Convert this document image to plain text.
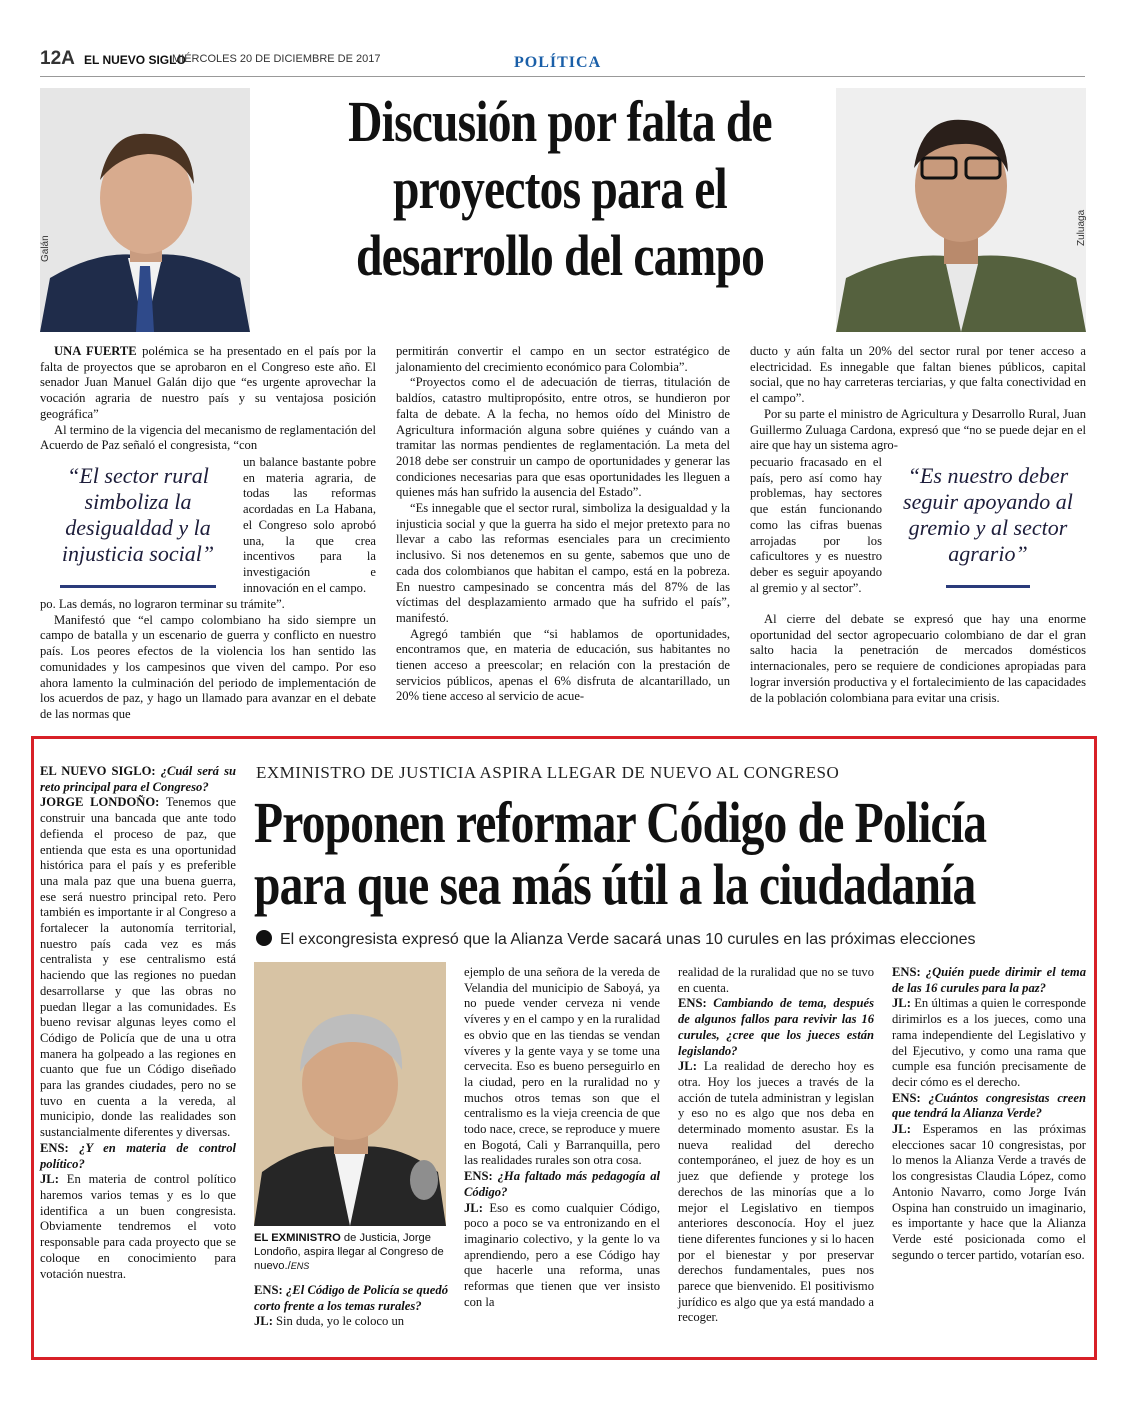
12A EL NUEVO SIGLO
MIÉRCOLES 20 DE DICIEMBRE DE 2017	POLÍTICA
Galán
Discusión por falta de
proyectos para el
desarrollo del campo	Zuluaga

UNA FUERTE polémica se ha presentado en el país por la falta de proyectos que se aprobaron en el Congreso este año. El senador Juan Manuel Galán dijo que “es urgente aprovechar la vocación agraria de nuestro país y su ventajosa posición geográfica”

Al termino de la vigencia del mecanismo de reglamentación del Acuerdo de Paz señaló el congresista, “con

“El sector rural simboliza la desigualdad y la injusticia social”

un balance bastante pobre en materia agraria, de todas las reformas acordadas en La Habana, el Congreso solo aprobó una, la que crea incentivos para la investigación e innovación en el campo.

po. Las demás, no lograron terminar su trámite”.

Manifestó que “el campo colombiano ha sido siempre un campo de batalla y un escenario de guerra y conflicto en nuestro país. Los peores efectos de la violencia los han sentido las comunidades y los campesinos que viven del campo. Por eso ahora lamento la culminación del periodo de implementación de los acuerdos de paz, y hago un llamado para avanzar en el debate de las normas que

permitirán convertir el campo en un sector estratégico de jalonamiento del crecimiento económico para Colombia”.

“Proyectos como el de adecuación de tierras, titulación de baldíos, catastro multipropósito, entre otros, se hundieron por falta de debate. A la fecha, no hemos oído del Ministro de Agricultura información alguna sobre quiénes y cuándo van a tramitar las normas pendientes de reglamentación. La meta del 2018 debe ser construir un campo de oportunidades y generar las condiciones necesarias para que esas oportunidades les lleguen a quienes más han sufrido la ausencia del Estado”.

“Es innegable que el sector rural, simboliza la desigualdad y la injusticia social y que la guerra ha sido el mejor pretexto para no llevar a cabo las reformas esenciales para un crecimiento inclusivo. Si nos detenemos en su gente, sabemos que uno de cada dos colombianos que habitan el campo, está en la pobreza. En nuestro campesinado se concentra más del 87% de las víctimas del desplazamiento armado que ha sufrido el país”, manifestó.

Agregó también que “si hablamos de oportunidades, encontramos que, en materia de educación, sus habitantes no tienen acceso a preescolar; en relación con la prestación de servicios públicos, apenas el 6% disfruta de alcantarillado, un 20% tiene acceso al servicio de acue-

ducto y aún falta un 20% del sector rural por tener acceso a electricidad. Es innegable que faltan bienes públicos, capital social, que no hay carreteras terciarias, y que falta conectividad en el campo”.

Por su parte el ministro de Agricultura y Desarrollo Rural, Juan Guillermo Zuluaga Cardona, expresó que “no se puede dejar en el aire que hay un sistema agro-

pecuario fracasado en el país, pero así como hay problemas, hay sectores que están funcionando como las cifras buenas arrojadas por los caficultores y es nuestro deber es seguir apoyando al gremio y al sector”.

“Es nuestro deber seguir apoyando al gremio y al sector agrario”

Al cierre del debate se expresó que hay una enorme oportunidad del sector agropecuario colombiano de dar el gran salto hacia la penetración de mercados domésticos internacionales, pero se requiere de condiciones apropiadas para lograr inversión productiva y el fortalecimiento de las capacidades de la población colombiana para evitar una crisis.

EXMINISTRO DE JUSTICIA ASPIRA LLEGAR DE NUEVO AL CONGRESO
Proponen reformar Código de Policía
para que sea más útil a la ciudadanía
El excongresista expresó que la Alianza Verde sacará unas 10 curules en las próximas elecciones

EL NUEVO SIGLO: ¿Cuál será su reto principal para el Congreso?

JORGE LONDOÑO: Tenemos que construir una bancada que ante todo defienda el proceso de paz, que entienda que esta es una oportunidad histórica para el país y es preferible una mala paz que una buena guerra, ese será nuestro principal reto. Pero también es importante ir al Congreso a fortalecer la autonomía territorial, nuestro país cada vez es más centralista y ese centralismo está haciendo que las regiones no puedan desarrollarse y que las obras no puedan llegar a las comunidades. Es bueno revisar algunas leyes como el Código de Policía que de una u otra manera ha golpeado a las regiones en cuanto que fue un Código diseñado para las grandes ciudades, pero no se tuvo en cuenta a la vereda, al municipio, donde las realidades son sustancialmente diferentes y diversas.

ENS: ¿Y en materia de control político?

JL: En materia de control político haremos varios temas y es lo que identifica a un buen congresista. Obviamente tendremos el voto responsable para cada proyecto que se coloque en conocimiento para votación nuestra.

EL EXMINISTRO de Justicia, Jorge Londoño, aspira llegar al Congreso de nuevo./ENS

ENS: ¿El Código de Policía se quedó corto frente a los temas rurales?

JL: Sin duda, yo le coloco un

ejemplo de una señora de la vereda de Velandia del municipio de Saboyá, ya no puede vender cerveza ni vende víveres y en el campo y en la ruralidad es obvio que en las tiendas se vendan víveres y la gente vaya y se tome una cervecita. Eso es bueno perseguirlo en la ciudad, pero en la ruralidad no y muchos otros temas son que el centralismo es la vieja creencia de que todo nace, crece, se reproduce y muere en Bogotá, Cali y Barranquilla, pero las realidades rurales son otra cosa.

ENS: ¿Ha faltado más pedagogía al Código?

JL: Eso es como cualquier Código, poco a poco se va entronizando en el imaginario colectivo, y la gente lo va aprendiendo, pero a ese Código hay que hacerle una reforma, unas reformas que tienen que ver insisto con la

realidad de la ruralidad que no se tuvo en cuenta.

ENS: Cambiando de tema, después de algunos fallos para revivir las 16 curules, ¿cree que los jueces están legislando?

JL: La realidad de derecho hoy es otra. Hoy los jueces a través de la acción de tutela administran y legislan y eso no es algo que nos deba en determinado momento asustar. Es la nueva realidad del derecho contemporáneo, el juez de hoy es un juez que defiende y protege los derechos de las minorías que a lo mejor el Legislativo en tiempos anteriores desconocía. Hoy el juez tiene diferentes funciones y si lo hacen por el bienestar y por preservar derechos fundamentales, pues nos parece que bienvenido. El positivismo jurídico es algo que ya está mandado a recoger.

ENS: ¿Quién puede dirimir el tema de las 16 curules para la paz?

JL: En últimas a quien le corresponde dirimirlos es a los jueces, como una rama independiente del Legislativo y del Ejecutivo, y como una rama que cumple esa función precisamente de decir cómo es el derecho.

ENS: ¿Cuántos congresistas creen que tendrá la Alianza Verde?

JL: Esperamos en las próximas elecciones sacar 10 congresistas, por lo menos la Alianza Verde a través de los congresistas Claudia López, como Antonio Navarro, como Jorge Iván Ospina han construido un imaginario, es importante y hace que la Alianza Verde esté posicionada como el segundo o tercer partido, votarían eso.
